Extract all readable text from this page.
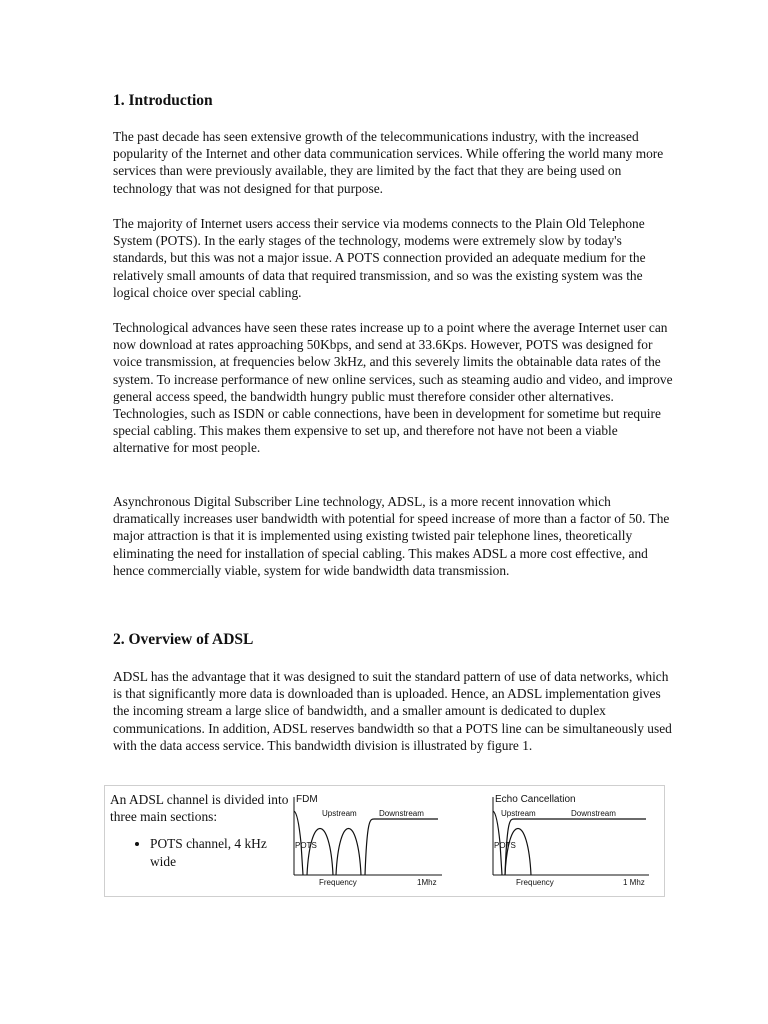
1. Introduction

The past decade has seen extensive growth of the telecommunications industry, with the increased popularity of the Internet and other data communication services. While offering the world many more services than were previously available, they are limited by the fact that they are being used on technology that was not designed for that purpose.

The majority of Internet users access their service via modems connects to the Plain Old Telephone System (POTS). In the early stages of the technology, modems were extremely slow by today's standards, but this was not a major issue. A POTS connection provided an adequate medium for the relatively small amounts of data that required transmission, and so was the existing system was the logical choice over special cabling.

Technological advances have seen these rates increase up to a point where the average Internet user can now download at rates approaching 50Kbps, and send at 33.6Kps. However, POTS was designed for voice transmission, at frequencies below 3kHz, and this severely limits the obtainable data rates of the system. To increase performance of new online services, such as steaming audio and video, and improve general access speed, the bandwidth hungry public must therefore consider other alternatives. Technologies, such as ISDN or cable connections, have been in development for sometime but require special cabling. This makes them expensive to set up, and therefore not have not been a viable alternative for most people.

Asynchronous Digital Subscriber Line technology, ADSL, is a more recent innovation which dramatically increases user bandwidth with potential for speed increase of more than a factor of 50. The major attraction is that it is implemented using existing twisted pair telephone lines, theoretically eliminating the need for installation of special cabling. This makes ADSL a more cost effective, and hence commercially viable, system for wide bandwidth data transmission.

2. Overview of ADSL

ADSL has the advantage that it was designed to suit the standard pattern of use of data networks, which is that significantly more data is downloaded than is uploaded. Hence, an ADSL implementation gives the incoming stream a large slice of bandwidth, and a smaller amount is dedicated to duplex communications. In addition, ADSL reserves bandwidth so that a POTS line can be simultaneously used with the data access service. This bandwidth division is illustrated by figure 1.

An ADSL channel is divided into three main sections:
• POTS channel, 4 kHz wide
FDM
POTS
Upstream	Downstream
Frequency	1Mhz
Echo Cancellation
POTS
Upstream	Downstream
Frequency	1 Mhz
